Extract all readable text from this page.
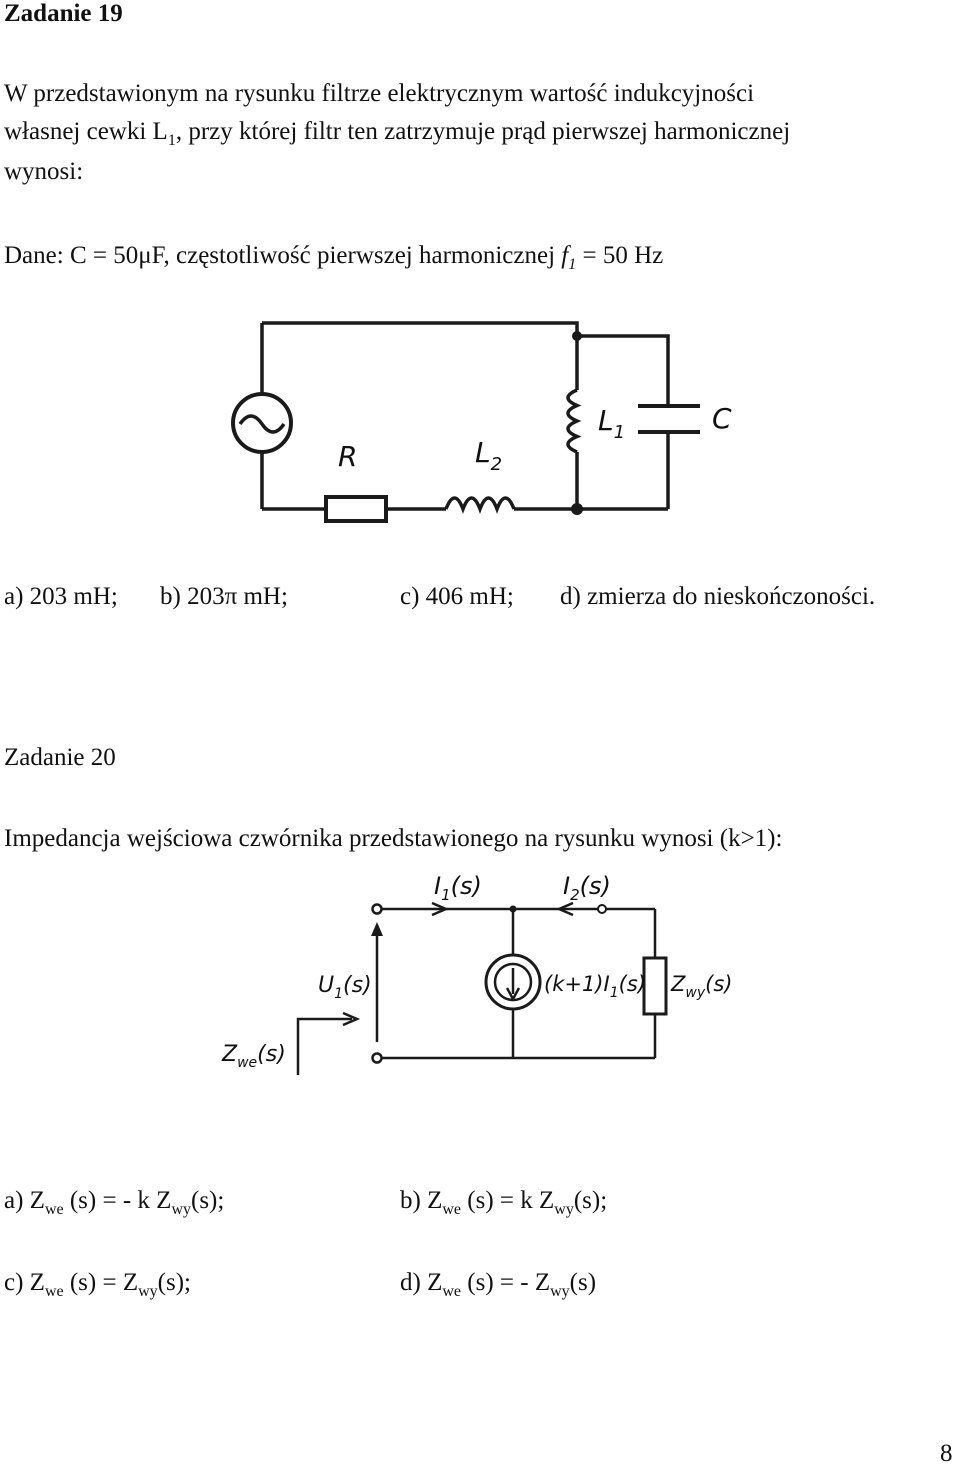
Zadanie 19
W przedstawionym na rysunku filtrze elektrycznym wartość indukcyjności
własnej cewki $L_1$, przy której filtr ten zatrzymuje prąd pierwszej harmonicznej
wynosi:
Dane: C = 50μF, częstotliwość pierwszej harmonicznej $f_1 = 50$ Hz
R	$L_2$
$L_1$	C
a) 203 mH; b) 203π mH;	c) 406 mH; d) zmierza do nieskończoności.
Zadanie 20
Impedancja wejściowa czwórnika przedstawionego na rysunku wynosi (k>1):
$I_1(s)$	$I_2(s)$
$U_1(s)$	$(k+1)I_1(s)$ $Z_{wy}(s)$
$Z_{we}(s)$
a) $Z_{we}$ (s) = - k $Z_{wy}(s)$;	b) $Z_{we}$ (s) = k $Z_{wy}(s)$;
c) $Z_{we}$ $(s) = Z_{wy}(s)$;	d) $Z_{we}$ (s) = - $Z_{wy}(s)$
8
